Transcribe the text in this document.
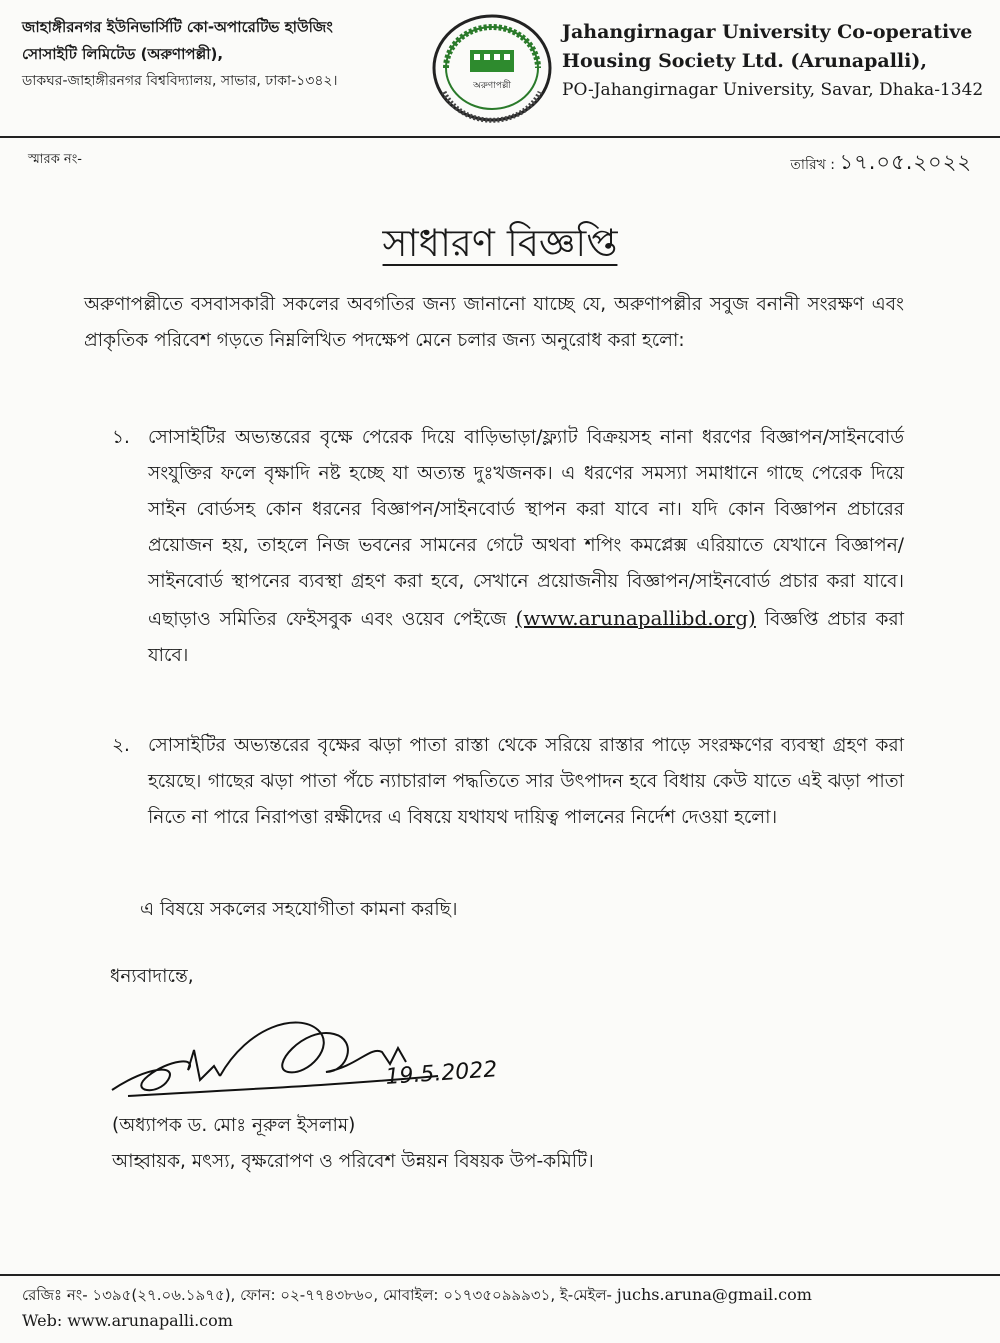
জাহাঙ্গীরনগর ইউনিভার্সিটি কো-অপারেটিভ হাউজিং
সোসাইটি লিমিটেড (অরুণাপল্লী),
ডাকঘর-জাহাঙ্গীরনগর বিশ্ববিদ্যালয়, সাভার, ঢাকা-১৩৪২।	অরুণাপল্লী
Jahangirnagar University Co-operative
Housing Society Ltd. (Arunapalli),
PO-Jahangirnagar University, Savar, Dhaka-1342
স্মারক নং-	তারিখ : ১৭.০৫.২০২২
সাধারণ বিজ্ঞপ্তি
অরুণাপল্লীতে বসবাসকারী সকলের অবগতির জন্য জানানো যাচ্ছে যে, অরুণাপল্লীর সবুজ বনানী সংরক্ষণ এবং প্রাকৃতিক পরিবেশ গড়তে নিম্নলিখিত পদক্ষেপ মেনে চলার জন্য অনুরোধ করা হলো:
১. সোসাইটির অভ্যন্তরের বৃক্ষে পেরেক দিয়ে বাড়িভাড়া/ফ্ল্যাট বিক্রয়সহ নানা ধরণের বিজ্ঞাপন/সাইনবোর্ড সংযুক্তির ফলে বৃক্ষাদি নষ্ট হচ্ছে যা অত্যন্ত দুঃখজনক। এ ধরণের সমস্যা সমাধানে গাছে পেরেক দিয়ে সাইন বোর্ডসহ কোন ধরনের বিজ্ঞাপন/সাইনবোর্ড স্থাপন করা যাবে না। যদি কোন বিজ্ঞাপন প্রচারের প্রয়োজন হয়, তাহলে নিজ ভবনের সামনের গেটে অথবা শপিং কমপ্লেক্স এরিয়াতে যেখানে বিজ্ঞাপন/সাইনবোর্ড স্থাপনের ব্যবস্থা গ্রহণ করা হবে, সেখানে প্রয়োজনীয় বিজ্ঞাপন/সাইনবোর্ড প্রচার করা যাবে। এছাড়াও সমিতির ফেইসবুক এবং ওয়েব পেইজে (www.arunapallibd.org) বিজ্ঞপ্তি প্রচার করা যাবে।
২. সোসাইটির অভ্যন্তরের বৃক্ষের ঝড়া পাতা রাস্তা থেকে সরিয়ে রাস্তার পাড়ে সংরক্ষণের ব্যবস্থা গ্রহণ করা হয়েছে। গাছের ঝড়া পাতা পঁচে ন্যাচারাল পদ্ধতিতে সার উৎপাদন হবে বিধায় কেউ যাতে এই ঝড়া পাতা নিতে না পারে নিরাপত্তা রক্ষীদের এ বিষয়ে যথাযথ দায়িত্ব পালনের নির্দেশ দেওয়া হলো।
এ বিষয়ে সকলের সহযোগীতা কামনা করছি।
ধন্যবাদান্তে,
19.5.2022
(অধ্যাপক ড. মোঃ নূরুল ইসলাম)
আহ্বায়ক, মৎস্য, বৃক্ষরোপণ ও পরিবেশ উন্নয়ন বিষয়ক উপ-কমিটি।
রেজিঃ নং- ১৩৯৫(২৭.০৬.১৯৭৫), ফোন: ০২-৭৭৪৩৮৬০, মোবাইল: ০১৭৩৫০৯৯৯৩১, ই-মেইল- juchs.aruna@gmail.com
Web: www.arunapalli.com
